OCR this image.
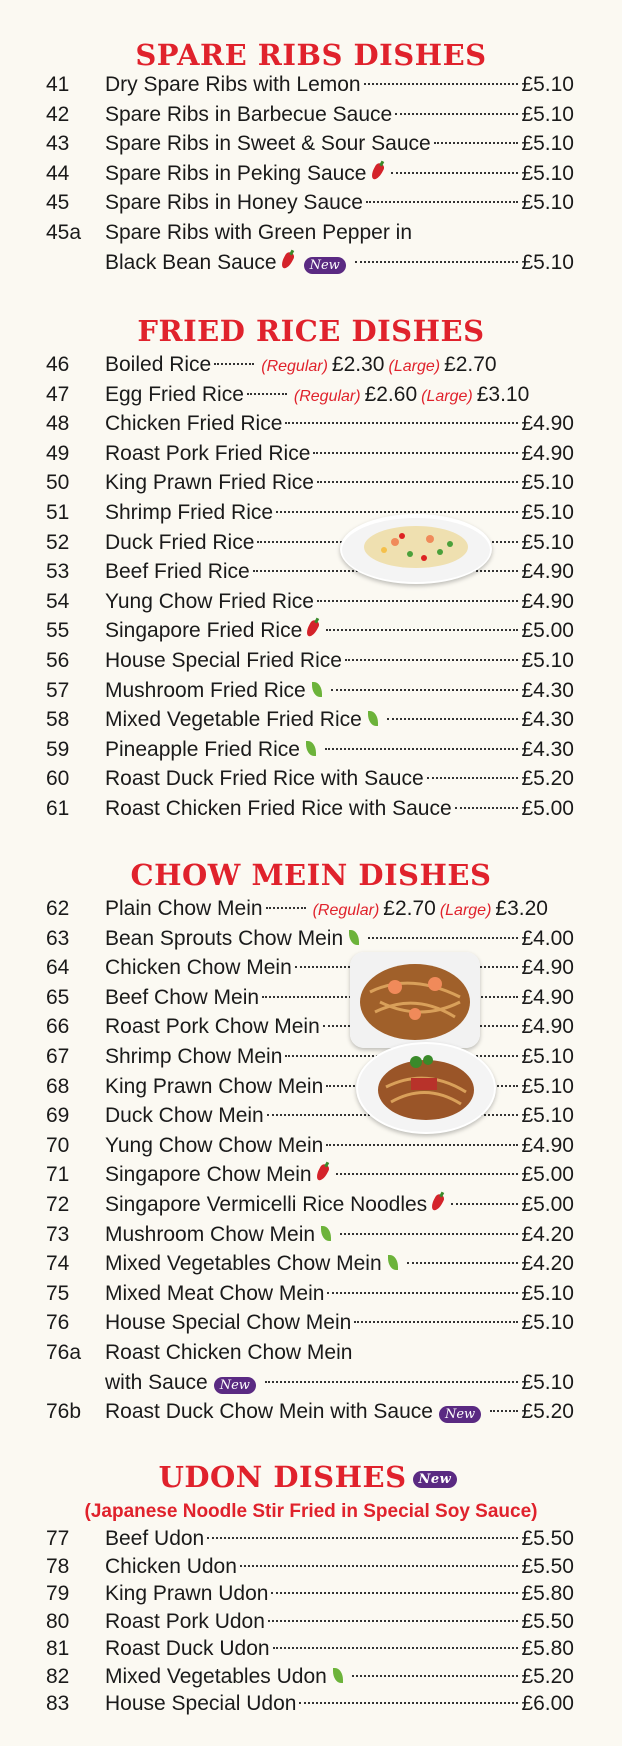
SPARE RIBS DISHES
FRIED RICE DISHES
CHOW MEIN DISHES
UDON DISHES New
(Japanese Noodle Stir Fried in Special Soy Sauce)
41 Dry Spare Ribs with Lemon	£5.10
42 Spare Ribs in Barbecue Sauce	£5.10
43 Spare Ribs in Sweet & Sour Sauce	£5.10
44 Spare Ribs in Peking Sauce	£5.10
45 Spare Ribs in Honey Sauce	£5.10
45a Spare Ribs with Green Pepper in
Black Bean Sauce	New	£5.10
46 Boiled Rice	(Regular) £2.30 (Large) £2.70
47 Egg Fried Rice	(Regular) £2.60 (Large) £3.10
48 Chicken Fried Rice	£4.90
49 Roast Pork Fried Rice	£4.90
50 King Prawn Fried Rice	£5.10
51 Shrimp Fried Rice	£5.10
52 Duck Fried Rice	£5.10
53 Beef Fried Rice	£4.90
54 Yung Chow Fried Rice	£4.90
55 Singapore Fried Rice	£5.00
56 House Special Fried Rice	£5.10
57 Mushroom Fried Rice	£4.30
58 Mixed Vegetable Fried Rice	£4.30
59 Pineapple Fried Rice	£4.30
60 Roast Duck Fried Rice with Sauce	£5.20
61 Roast Chicken Fried Rice with Sauce	£5.00
62 Plain Chow Mein	(Regular) £2.70 (Large) £3.20
63 Bean Sprouts Chow Mein	£4.00
64 Chicken Chow Mein	£4.90
65 Beef Chow Mein	£4.90
66 Roast Pork Chow Mein	£4.90
67 Shrimp Chow Mein	£5.10
68 King Prawn Chow Mein	£5.10
69 Duck Chow Mein	£5.10
70 Yung Chow Chow Mein	£4.90
71 Singapore Chow Mein	£5.00
72 Singapore Vermicelli Rice Noodles	£5.00
73 Mushroom Chow Mein	£4.20
74 Mixed Vegetables Chow Mein	£4.20
75 Mixed Meat Chow Mein	£5.10
76 House Special Chow Mein	£5.10
76a Roast Chicken Chow Mein
with Sauce New	£5.10
76b Roast Duck Chow Mein with Sauce New £5.20
77 Beef Udon	£5.50
78 Chicken Udon	£5.50
79 King Prawn Udon	£5.80
80 Roast Pork Udon	£5.50
81 Roast Duck Udon	£5.80
82 Mixed Vegetables Udon	£5.20
83 House Special Udon	£6.00
